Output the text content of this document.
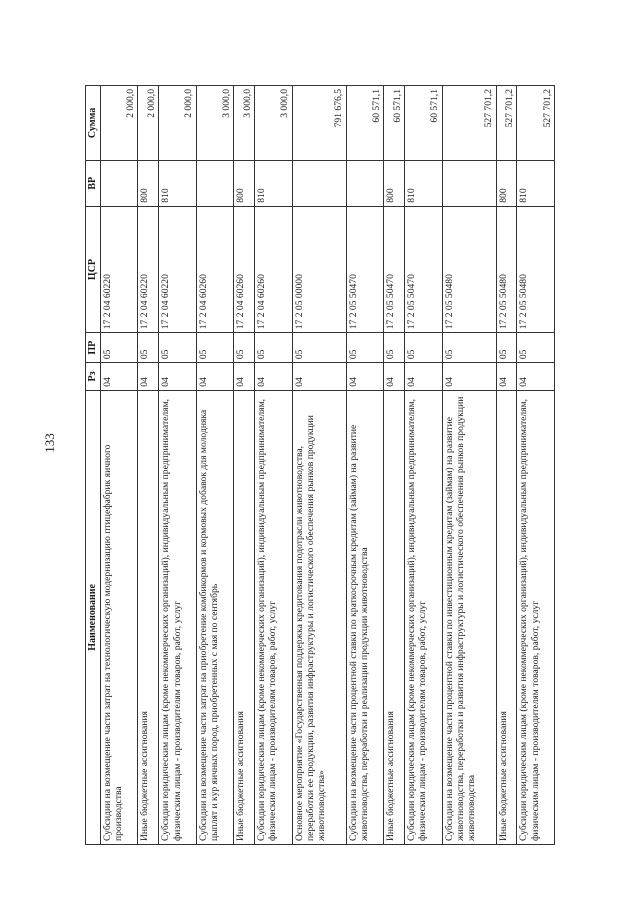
133
Наименование	Рз	ПР	ЦСР	ВР	Сумма
Субсидии на возмещение части затрат на технологическую модернизацию птицефабрик яичного производства	04	05	17 2 04 60220		2 000,0
Иные бюджетные ассигнования	04	05	17 2 04 60220	800	2 000,0
Субсидии юридическим лицам (кроме некоммерческих организаций), индивидуальным предпринимателям, физическим лицам - производителям товаров, работ, услуг	04	05	17 2 04 60220	810	2 000,0
Субсидии на возмещение части затрат на приобретение комбикормов и кормовых добавок для молодняка цыплят и кур яичных пород, приобретенных с мая по сентябрь	04	05	17 2 04 60260		3 000,0
Иные бюджетные ассигнования	04	05	17 2 04 60260	800	3 000,0
Субсидии юридическим лицам (кроме некоммерческих организаций), индивидуальным предпринимателям, физическим лицам - производителям товаров, работ, услуг	04	05	17 2 04 60260	810	3 000,0
Основное мероприятие «Государственная поддержка кредитования подотрасли животноводства, переработки ее продукции, развития инфраструктуры и логистического обеспечения рынков продукции животноводства»	04	05	17 2 05 00000		791 676,5
Субсидии на возмещение части процентной ставки по краткосрочным кредитам (займам) на развитие животноводства, переработки и реализации продукции животноводства	04	05	17 2 05 50470		60 571,1
Иные бюджетные ассигнования	04	05	17 2 05 50470	800	60 571,1
Субсидии юридическим лицам (кроме некоммерческих организаций), индивидуальным предпринимателям, физическим лицам - производителям товаров, работ, услуг	04	05	17 2 05 50470	810	60 571,1
Субсидии на возмещение части процентной ставки по инвестиционным кредитам (займам) на развитие животноводства, переработки и развития инфраструктуры и логистического обеспечения рынков продукции животноводства	04	05	17 2 05 50480		527 701,2
Иные бюджетные ассигнования	04	05	17 2 05 50480	800	527 701,2
Субсидии юридическим лицам (кроме некоммерческих организаций), индивидуальным предпринимателям, физическим лицам - производителям товаров, работ, услуг	04	05	17 2 05 50480	810	527 701,2
